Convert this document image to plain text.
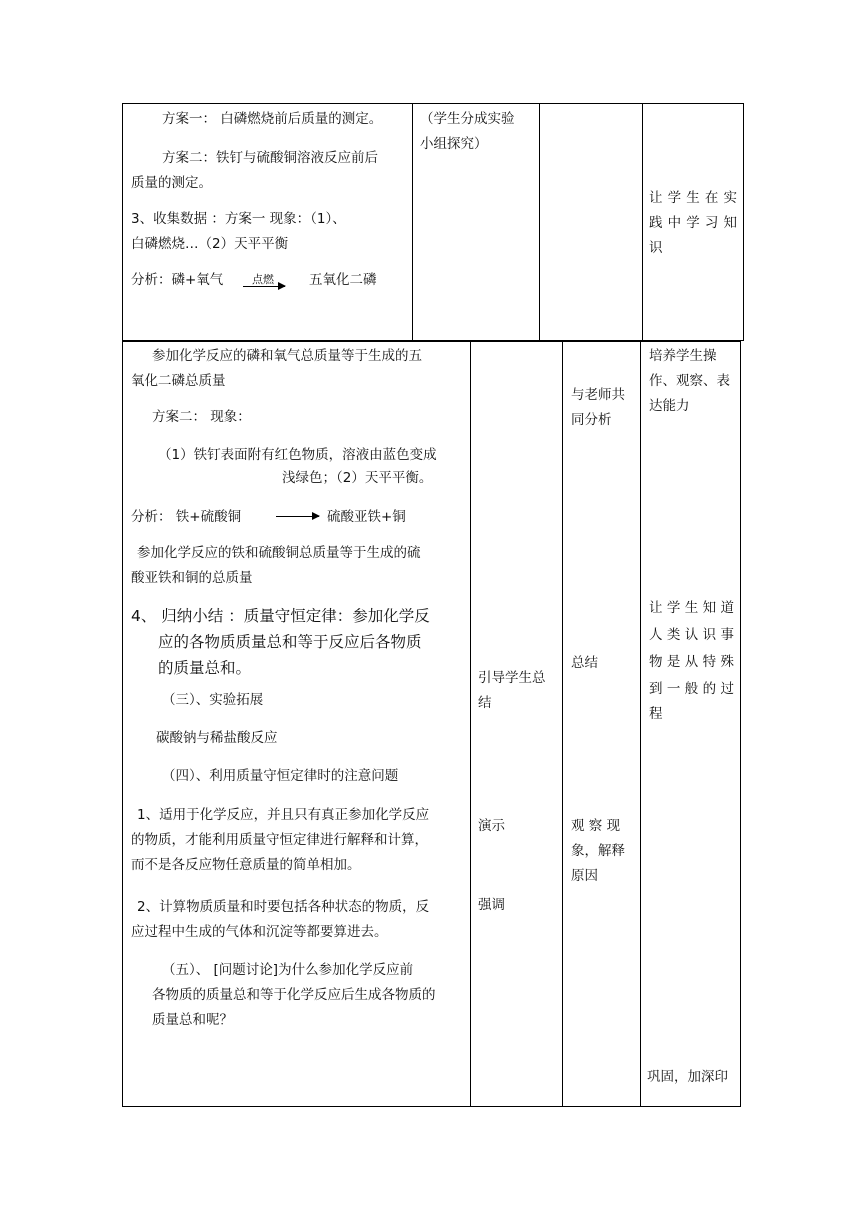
方案一： 白磷燃烧前后质量的测定。
方案二：铁钉与硫酸铜溶液反应前后
质量的测定。
3、收集数据 ：方案一 现象：（1）、
白磷燃烧…（2）天平平衡
分析：磷+氧气	点燃 → 五氧化二磷
（学生分成实验
小组探究）
让学生在实
践中学习知
识
参加化学反应的磷和氧气总质量等于生成的五
氧化二磷总质量
方案二： 现象：
（1）铁钉表面附有红色物质，溶液由蓝色变成
浅绿色；（2）天平平衡。
分析： 铁+硫酸铜 → 硫酸亚铁+铜
参加化学反应的铁和硫酸铜总质量等于生成的硫
酸亚铁和铜的总质量
4、 归纳小结 ：质量守恒定律：参加化学反
应的各物质质量总和等于反应后各物质
的质量总和。
（三）、实验拓展
碳酸钠与稀盐酸反应
（四）、利用质量守恒定律时的注意问题
1、适用于化学反应，并且只有真正参加化学反应
的物质，才能利用质量守恒定律进行解释和计算，
而不是各反应物任意质量的简单相加。
2、计算物质质量和时要包括各种状态的物质，反
应过程中生成的气体和沉淀等都要算进去。
（五）、 [问题讨论]为什么参加化学反应前
各物质的质量总和等于化学反应后生成各物质的
质量总和呢？
引导学生总
结
演示
强调
与老师共
同分析
总结
观 察 现
象，解释
原因
培养学生操
作、观察、表
达能力
让学生知道
人类认识事
物是从特殊
到一般的过
程
巩固，加深印
